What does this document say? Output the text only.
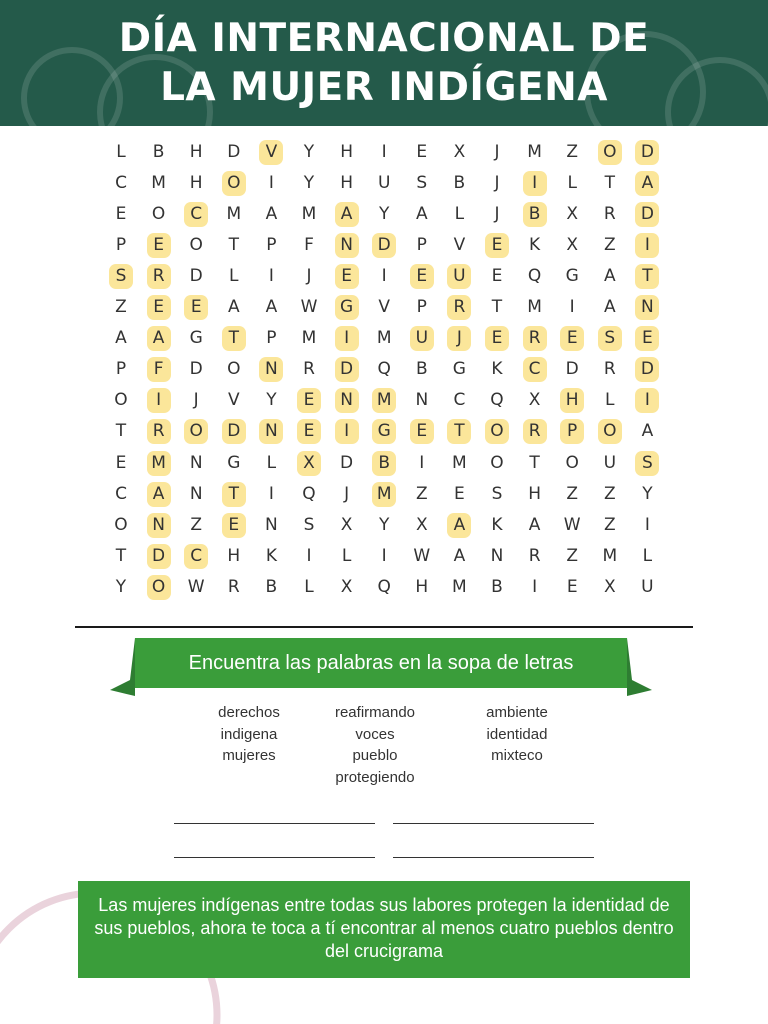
DÍA INTERNACIONAL DE
LA MUJER INDÍGENA
L	B	H	D	V	Y	H	I	E	X	J	M	Z	O	D
C	M	H	O	I	Y	H	U	S	B	J	I	L	T	A
E	O	C	M	A	M	A	Y	A	L	J	B	X	R	D
P	E	O	T	P	F	N	D	P	V	E	K	X	Z	I
S	R	D	L	I	J	E	I	E	U	E	Q	G	A	T
Z	E	E	A	A	W	G	V	P	R	T	M	I	A	N
A	A	G	T	P	M	I	M	U	J	E	R	E	S	E
P	F	D	O	N	R	D	Q	B	G	K	C	D	R	D
O	I	J	V	Y	E	N	M	N	C	Q	X	H	L	I
T	R	O	D	N	E	I	G	E	T	O	R	P	O	A
E	M	N	G	L	X	D	B	I	M	O	T	O	U	S
C	A	N	T	I	Q	J	M	Z	E	S	H	Z	Z	Y
O	N	Z	E	N	S	X	Y	X	A	K	A	W	Z	I
T	D	C	H	K	I	L	I	W	A	N	R	Z	M	L
Y	O	W	R	B	L	X	Q	H	M	B	I	E	X	U
Encuentra las palabras en la sopa de letras
derechos
indigena
mujeres
reafirmando
voces
pueblo
protegiendo
ambiente
identidad
mixteco
Las mujeres indígenas entre todas sus labores protegen la identidad de sus pueblos, ahora te toca a tí encontrar al menos cuatro pueblos dentro del crucigrama
